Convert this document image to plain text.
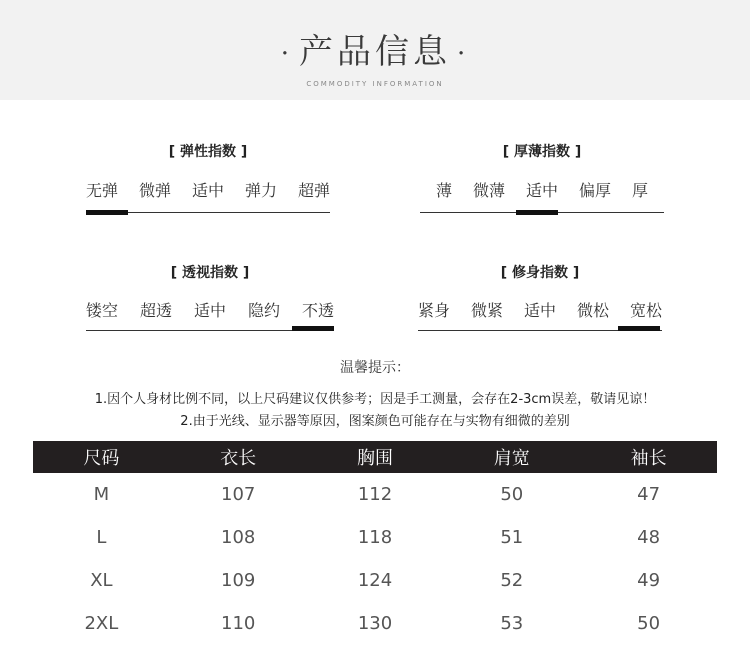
· 产品信息 ·
COMMODITY INFORMATION
[ 弹性指数 ]
无弹 微弹 适中 弹力 超弹
[ 厚薄指数 ]
薄 微薄 适中 偏厚 厚
[ 透视指数 ]
镂空 超透 适中 隐约 不透
[ 修身指数 ]
紧身 微紧 适中 微松 宽松
温馨提示：
1.因个人身材比例不同，以上尺码建议仅供参考；因是手工测量，会存在2-3cm误差，敬请见谅！
2.由于光线、显示器等原因，图案颜色可能存在与实物有细微的差别
尺码	衣长	胸围	肩宽	袖长
M	107	112	50	47
L	108	118	51	48
XL	109	124	52	49
2XL	110	130	53	50
